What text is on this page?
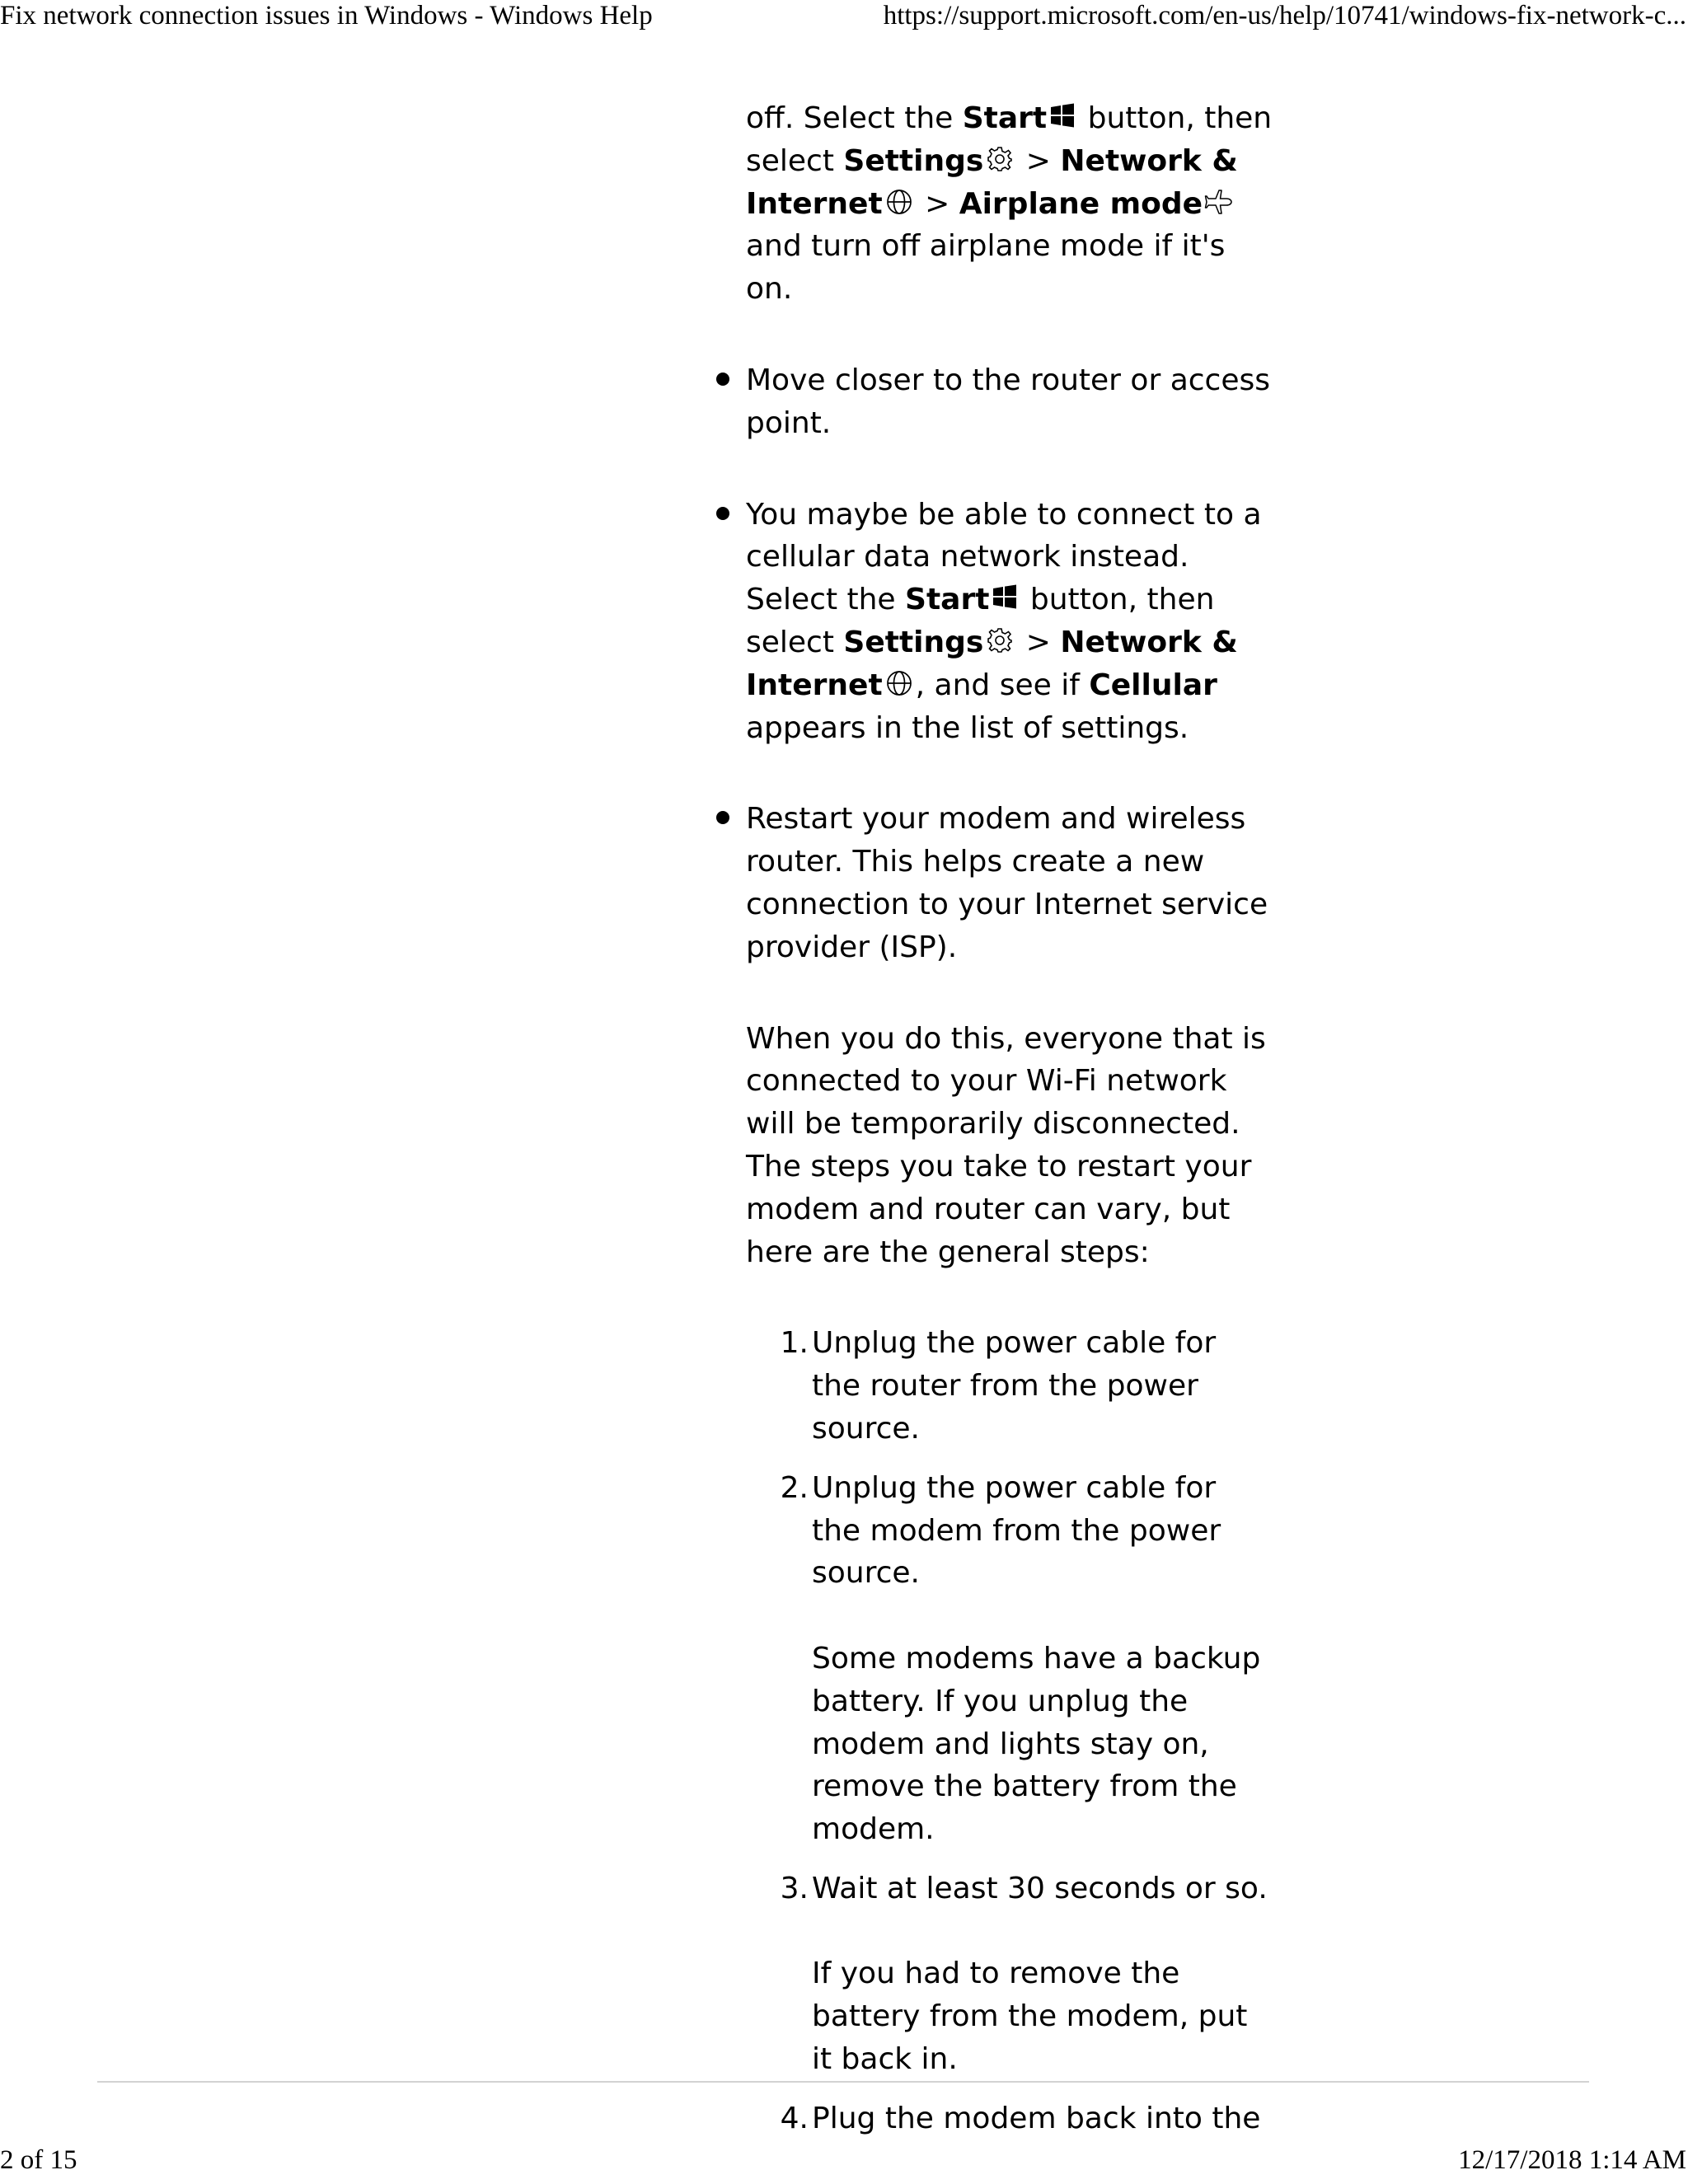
Fix network connection issues in Windows - Windows Help	https://support.microsoft.com/en-us/help/10741/windows-fix-network-c...

off. Select the Start
button, then select Settings
> Network & Internet
> Airplane mode
and turn off airplane mode if it's on.

Move closer to the router or access point.

You maybe be able to connect to a cellular data network instead. Select the Start
button, then select Settings
> Network & Internet , and see if Cellular appears in the list of settings.

Restart your modem and wireless router. This helps create a new connection to your Internet service provider (ISP).

When you do this, everyone that is connected to your Wi-Fi network will be temporarily disconnected. The steps you take to restart your modem and router can vary, but here are the general steps:

1. Unplug the power cable for the router from the power source.

2. Unplug the power cable for the modem from the power source.

Some modems have a backup battery. If you unplug the modem and lights stay on, remove the battery from the modem.

3. Wait at least 30 seconds or so.

If you had to remove the battery from the modem, put it back in.

4. Plug the modem back into the

2 of 15	12/17/2018 1:14 AM
